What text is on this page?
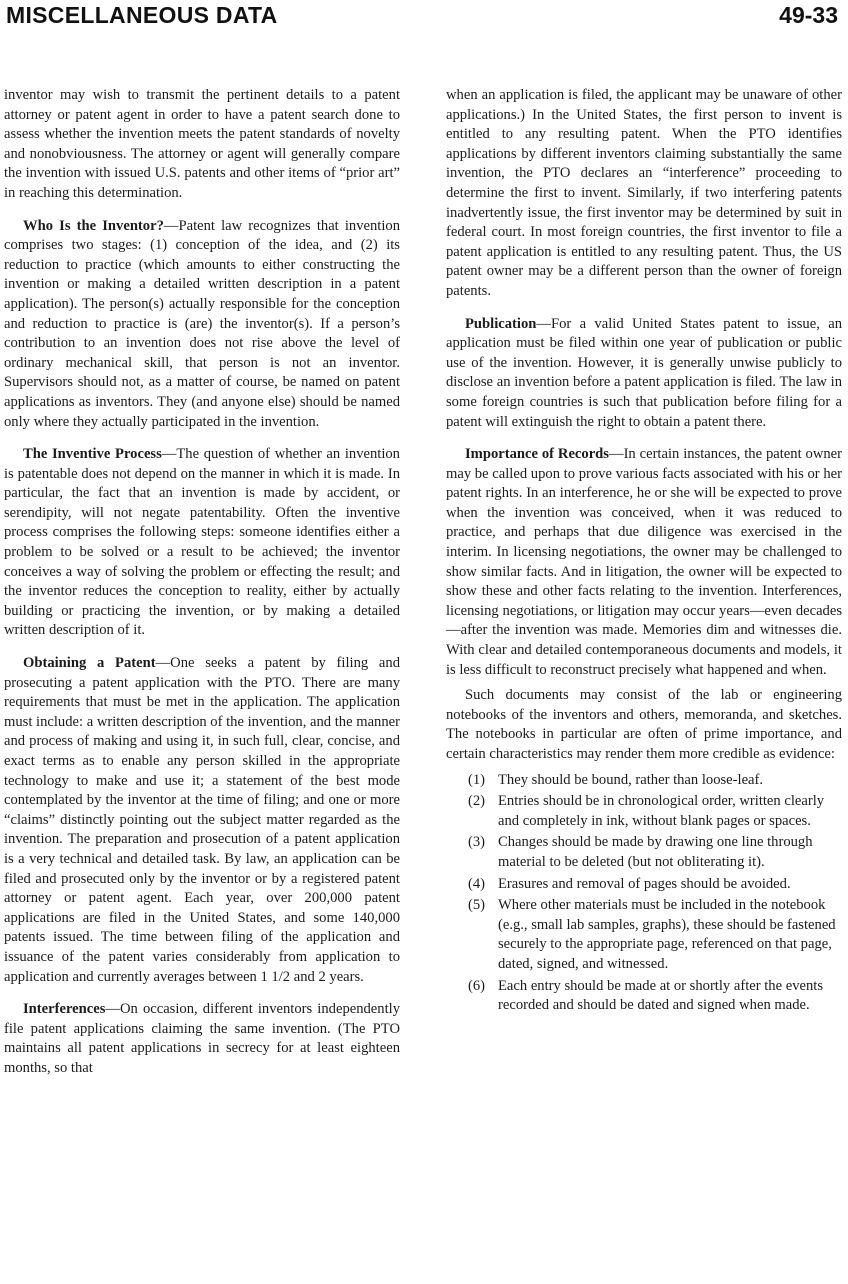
MISCELLANEOUS DATA	49-33

inventor may wish to transmit the pertinent details to a patent attorney or patent agent in order to have a patent search done to assess whether the invention meets the patent standards of novelty and nonobviousness. The attorney or agent will generally compare the invention with issued U.S. patents and other items of “prior art” in reaching this determination.

Who Is the Inventor?—Patent law recognizes that invention comprises two stages: (1) conception of the idea, and (2) its reduction to practice (which amounts to either constructing the invention or making a detailed written description in a patent application). The person(s) actually responsible for the conception and reduction to practice is (are) the inventor(s). If a person’s contribution to an invention does not rise above the level of ordinary mechanical skill, that person is not an inventor. Supervisors should not, as a matter of course, be named on patent applications as inventors. They (and anyone else) should be named only where they actually participated in the invention.

The Inventive Process—The question of whether an invention is patentable does not depend on the manner in which it is made. In particular, the fact that an invention is made by accident, or serendipity, will not negate patentability. Often the inventive process comprises the following steps: someone identifies either a problem to be solved or a result to be achieved; the inventor conceives a way of solving the problem or effecting the result; and the inventor reduces the conception to reality, either by actually building or practicing the invention, or by making a detailed written description of it.

Obtaining a Patent—One seeks a patent by filing and prosecuting a patent application with the PTO. There are many requirements that must be met in the application. The application must include: a written description of the invention, and the manner and process of making and using it, in such full, clear, concise, and exact terms as to enable any person skilled in the appropriate technology to make and use it; a statement of the best mode contemplated by the inventor at the time of filing; and one or more “claims” distinctly pointing out the subject matter regarded as the invention. The preparation and prosecution of a patent application is a very technical and detailed task. By law, an application can be filed and prosecuted only by the inventor or by a registered patent attorney or patent agent. Each year, over 200,000 patent applications are filed in the United States, and some 140,000 patents issued. The time between filing of the application and issuance of the patent varies considerably from application to application and currently averages between 1 1/2 and 2 years.

Interferences—On occasion, different inventors independently file patent applications claiming the same invention. (The PTO maintains all patent applications in secrecy for at least eighteen months, so that

when an application is filed, the applicant may be unaware of other applications.) In the United States, the first person to invent is entitled to any resulting patent. When the PTO identifies applications by different inventors claiming substantially the same invention, the PTO declares an “interference” proceeding to determine the first to invent. Similarly, if two interfering patents inadvertently issue, the first inventor may be determined by suit in federal court. In most foreign countries, the first inventor to file a patent application is entitled to any resulting patent. Thus, the US patent owner may be a different person than the owner of foreign patents.

Publication—For a valid United States patent to issue, an application must be filed within one year of publication or public use of the invention. However, it is generally unwise publicly to disclose an invention before a patent application is filed. The law in some foreign countries is such that publication before filing for a patent will extinguish the right to obtain a patent there.

Importance of Records—In certain instances, the patent owner may be called upon to prove various facts associated with his or her patent rights. In an interference, he or she will be expected to prove when the invention was conceived, when it was reduced to practice, and perhaps that due diligence was exercised in the interim. In licensing negotiations, the owner may be challenged to show similar facts. And in litigation, the owner will be expected to show these and other facts relating to the invention. Interferences, licensing negotiations, or litigation may occur years—even decades—after the invention was made. Memories dim and witnesses die. With clear and detailed contemporaneous documents and models, it is less difficult to reconstruct precisely what happened and when.

Such documents may consist of the lab or engineering notebooks of the inventors and others, memoranda, and sketches. The notebooks in particular are often of prime importance, and certain characteristics may render them more credible as evidence:

(1) They should be bound, rather than loose-leaf.
(2) Entries should be in chronological order, written clearly and completely in ink, without blank pages or spaces.
(3) Changes should be made by drawing one line through material to be deleted (but not obliterating it).
(4) Erasures and removal of pages should be avoided.
(5) Where other materials must be included in the notebook (e.g., small lab samples, graphs), these should be fastened securely to the appropriate page, referenced on that page, dated, signed, and witnessed.
(6) Each entry should be made at or shortly after the events recorded and should be dated and signed when made.
